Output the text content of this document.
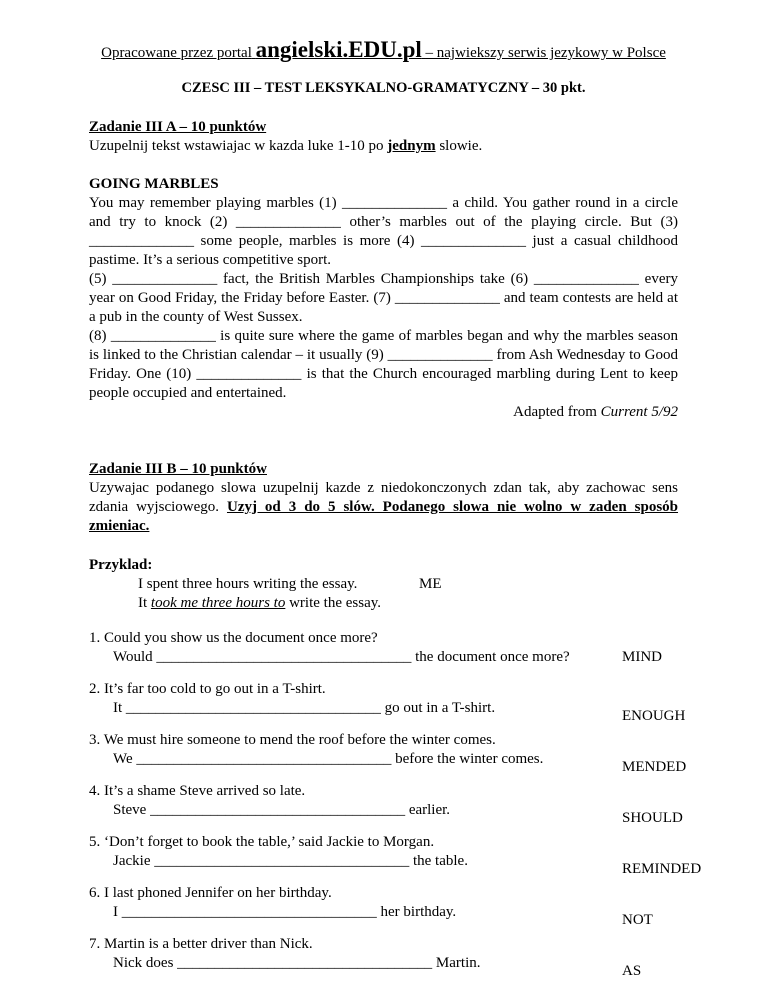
Opracowane przez portal angielski.EDU.pl – najwiekszy serwis jezykowy w Polsce
CZESC III – TEST LEKSYKALNO-GRAMATYCZNY – 30 pkt.
Zadanie III A – 10 punktów

Uzupelnij tekst wstawiajac w kazda luke 1-10 po jednym slowie.

GOING MARBLES

You may remember playing marbles (1) ______________ a child. You gather round in a circle and try to knock (2) ______________ other’s marbles out of the playing circle. But (3) ______________ some people, marbles is more (4) ______________ just a casual childhood pastime. It’s a serious competitive sport.

(5) ______________ fact, the British Marbles Championships take (6) ______________ every year on Good Friday, the Friday before Easter. (7) ______________ and team contests are held at a pub in the county of West Sussex.

(8) ______________ is quite sure where the game of marbles began and why the marbles season is linked to the Christian calendar – it usually (9) ______________ from Ash Wednesday to Good Friday. One (10) ______________ is that the Church encouraged marbling during Lent to keep people occupied and entertained.

Adapted from Current 5/92

Zadanie III B – 10 punktów

Uzywajac podanego slowa uzupelnij kazde z niedokonczonych zdan tak, aby zachowac sens zdania wyjsciowego. Uzyj od 3 do 5 slów. Podanego slowa nie wolno w zaden sposób zmieniac.

Przyklad:
I spent three hours writing the essay.	ME
It took me three hours to write the essay.
1. Could you show us the document once more?
Would __________________________________ the document once more?	MIND
2. It’s far too cold to go out in a T-shirt.
It __________________________________ go out in a T-shirt.	ENOUGH
3. We must hire someone to mend the roof before the winter comes.
We __________________________________ before the winter comes.	MENDED
4. It’s a shame Steve arrived so late.
Steve __________________________________ earlier.	SHOULD
5. ‘Don’t forget to book the table,’ said Jackie to Morgan.
Jackie __________________________________ the table.	REMINDED
6. I last phoned Jennifer on her birthday.
I __________________________________ her birthday.	NOT
7. Martin is a better driver than Nick.
Nick does __________________________________ Martin.	AS
